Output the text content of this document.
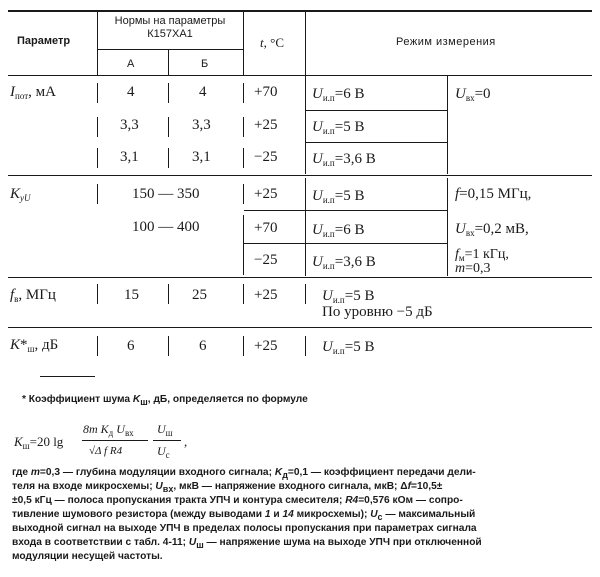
Параметр
Нормы на параметры К157ХА1
А	Б
t, °C	Режим измерения
$I_{пот}$, мА	4	4	+70 $U_{и.п}=6$ В	$U_{вх}=0$
3,3	3,3	+25 $U_{и.п}=5$ В
3,1	3,1	−25 $U_{и.п}=3,6$ В
$K_{yU}$	150 — 350	+25 $U_{и.п}=5$ В	f=0,15 МГц,
100 — 400	+70 $U_{и.п}=6$ В	$U_{вх}=0,2$ мВ,
−25 $U_{и.п}=3,6$ В	$f_м=1$ кГц,
m=0,3
$f_в$, МГц	15	25	+25	$U_{и.п}=5$ В
По уровню −5 дБ
$K*_ш$, дБ	6	6	+25	$U_{и.п}=5$ В
* Коэффициент шума $K_ш$, дБ, определяется по формуле
$K_ш=20$ lg
8m $K_д$ $U_{вх}$
√Δ f R4
$U_ш$
$U_с$
,
где m=0,3 — глубина модуляции входного сигнала; $K_д=0,1$ — коэффициент передачи дели-
теля на входе микросхемы; $U_{вх}$, мкВ — напряжение входного сигнала, мкВ; Δf=10,5±
±0,5 кГц — полоса пропускания тракта УПЧ и контура смесителя; R4=0,576 кОм — сопро-
тивление шумового резистора (между выводами 1 и 14 микросхемы); $U_с$ — максимальный
выходной сигнал на выходе УПЧ в пределах полосы пропускания при параметрах сигнала
входа в соответствии с табл. 4-11; $U_ш$ — напряжение шума на выходе УПЧ при отключенной
модуляции несущей частоты.
